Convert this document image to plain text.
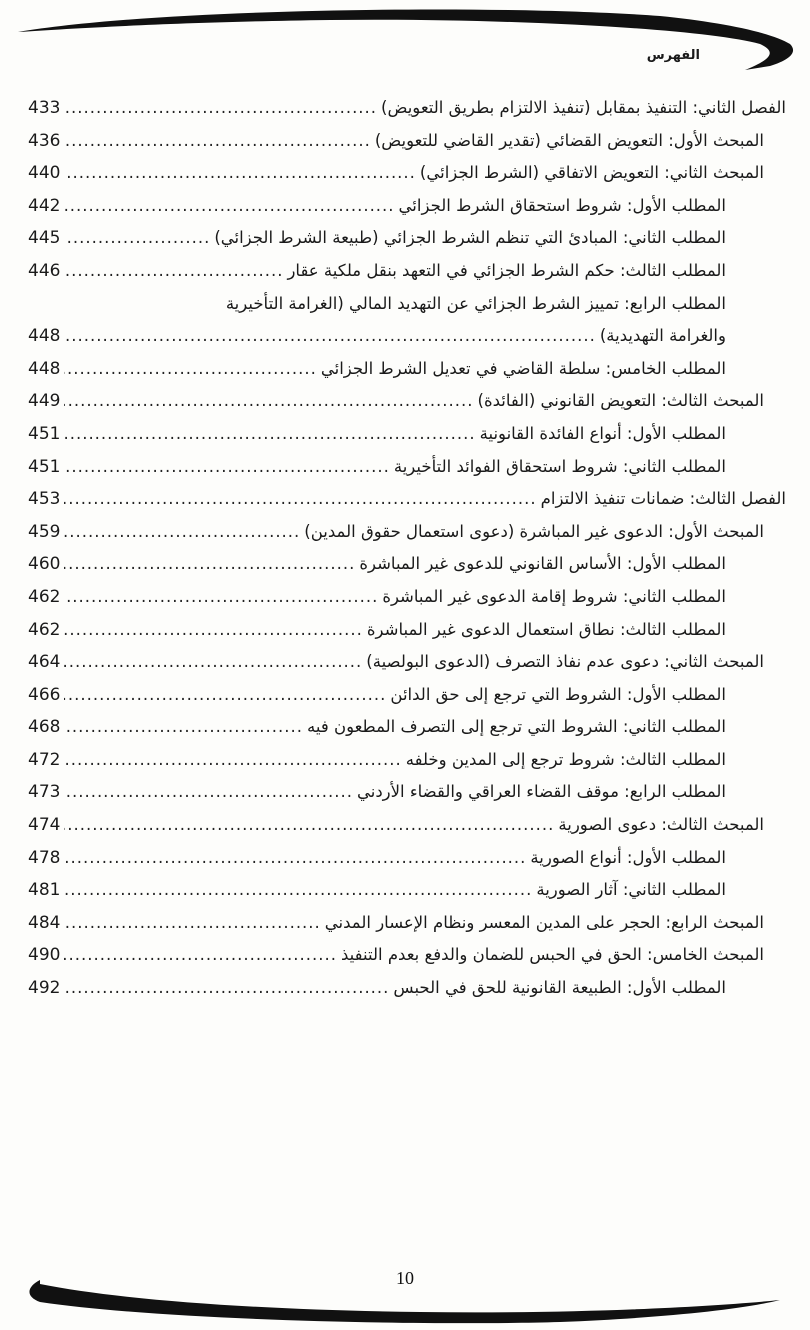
الفهرس
الفصل الثاني: التنفيذ بمقابل (تنفيذ الالتزام بطريق التعويض)
.....
433
المبحث الأول: التعويض القضائي (تقدير القاضي للتعويض)
.....
436
المبحث الثاني: التعويض الاتفاقي (الشرط الجزائي)
.....
440
المطلب الأول: شروط استحقاق الشرط الجزائي
.....
442
المطلب الثاني: المبادئ التي تنظم الشرط الجزائي (طبيعة الشرط الجزائي)
.....
445
المطلب الثالث: حكم الشرط الجزائي في التعهد بنقل ملكية عقار
.....
446
المطلب الرابع: تمييز الشرط الجزائي عن التهديد المالي (الغرامة التأخيرية
والغرامة التهديدية)
.....
448
المطلب الخامس: سلطة القاضي في تعديل الشرط الجزائي
.....
448
المبحث الثالث: التعويض القانوني (الفائدة)
.....
449
المطلب الأول: أنواع الفائدة القانونية
.....
451
المطلب الثاني: شروط استحقاق الفوائد التأخيرية
.....
451
الفصل الثالث: ضمانات تنفيذ الالتزام
.....
453
المبحث الأول: الدعوى غير المباشرة (دعوى استعمال حقوق المدين)
.....
459
المطلب الأول: الأساس القانوني للدعوى غير المباشرة
.....
460
المطلب الثاني: شروط إقامة الدعوى غير المباشرة
.....
462
المطلب الثالث: نطاق استعمال الدعوى غير المباشرة
.....
462
المبحث الثاني: دعوى عدم نفاذ التصرف (الدعوى البولصية)
.....
464
المطلب الأول: الشروط التي ترجع إلى حق الدائن
.....
466
المطلب الثاني: الشروط التي ترجع إلى التصرف المطعون فيه
.....
468
المطلب الثالث: شروط ترجع إلى المدين وخلفه
.....
472
المطلب الرابع: موقف القضاء العراقي والقضاء الأردني
.....
473
المبحث الثالث: دعوى الصورية
.....
474
المطلب الأول: أنواع الصورية
.....
478
المطلب الثاني: آثار الصورية
.....
481
المبحث الرابع: الحجر على المدين المعسر ونظام الإعسار المدني
.....
484
المبحث الخامس: الحق في الحبس للضمان والدفع بعدم التنفيذ
.....
490
المطلب الأول: الطبيعة القانونية للحق في الحبس
.....
492
10
